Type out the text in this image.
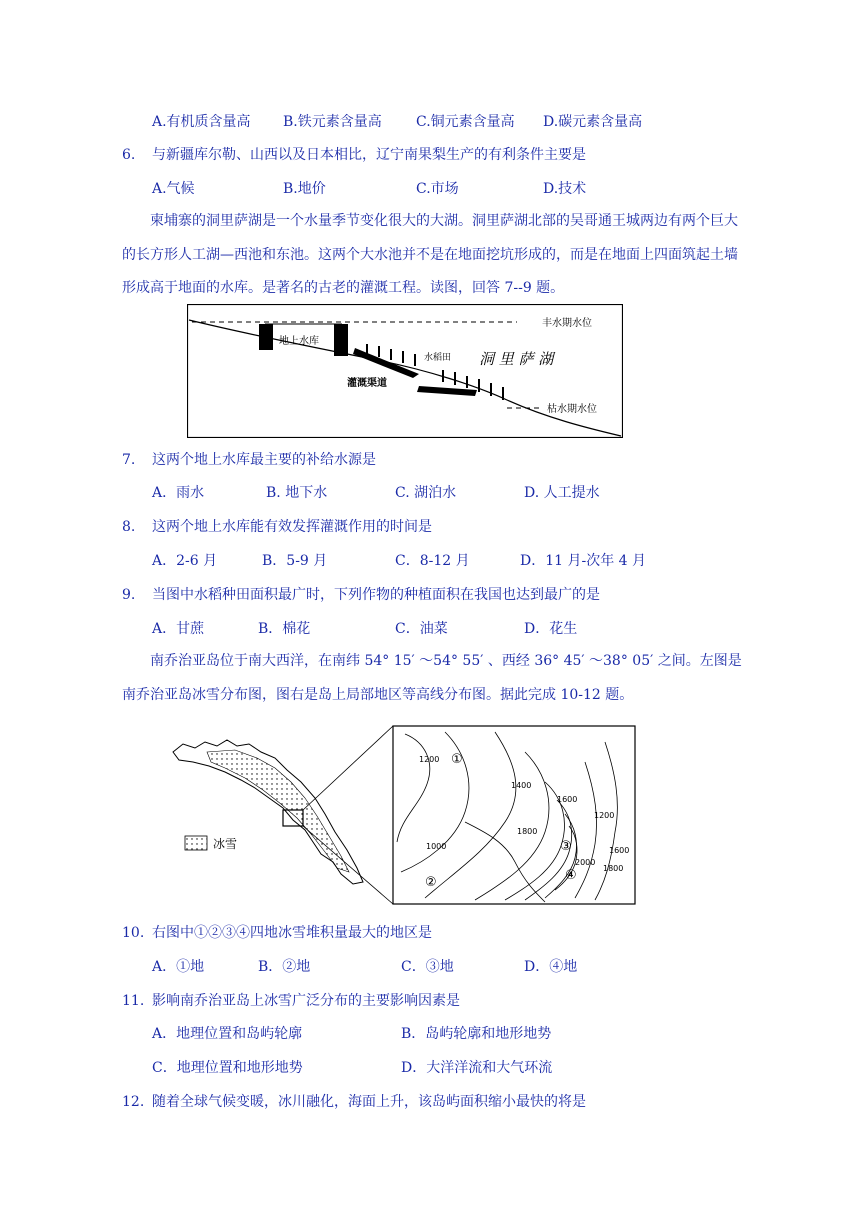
A.有机质含量高 B.铁元素含量高 C.铜元素含量高 D.碳元素含量高
6. 与新疆库尔勒、山西以及日本相比，辽宁南果梨生产的有利条件主要是
A.气候	B.地价	C.市场	D.技术
柬埔寨的洞里萨湖是一个水量季节变化很大的大湖。洞里萨湖北部的吴哥通王城两边有两个巨大的长方形人工湖—西池和东池。这两个大水池并不是在地面挖坑形成的，而是在地面上四面筑起土墙形成高于地面的水库。是著名的古老的灌溉工程。读图，回答 7--9 题。
丰水期水位
枯水期水位
地上水库
灌溉渠道
水稻田 洞 里 萨 湖
7. 这两个地上水库最主要的补给水源是
A．雨水	B. 地下水	C. 湖泊水	D. 人工提水
8. 这两个地上水库能有效发挥灌溉作用的时间是
A．2-6 月	B．5-9 月	C．8-12 月	D．11 月-次年 4 月
9. 当图中水稻种田面积最广时，下列作物的种植面积在我国也达到最广的是
A．甘蔗	B．棉花	C．油菜	D．花生
南乔治亚岛位于南大西洋，在南纬 54° 15′ ～54° 55′ 、西经 36° 45′ ～38° 05′ 之间。左图是南乔治亚岛冰雪分布图，图右是岛上局部地区等高线分布图。据此完成 10-12 题。
冰雪
1200
1400
1600
1200
1800
1000
2000
1600
1800
①
②
③
④
10. 右图中①②③④四地冰雪堆积量最大的地区是
A．①地	B．②地	C．③地	D．④地
11. 影响南乔治亚岛上冰雪广泛分布的主要影响因素是
A．地理位置和岛屿轮廓	B．岛屿轮廓和地形地势
C．地理位置和地形地势	D．大洋洋流和大气环流
12. 随着全球气候变暖，冰川融化，海面上升，该岛屿面积缩小最快的将是
